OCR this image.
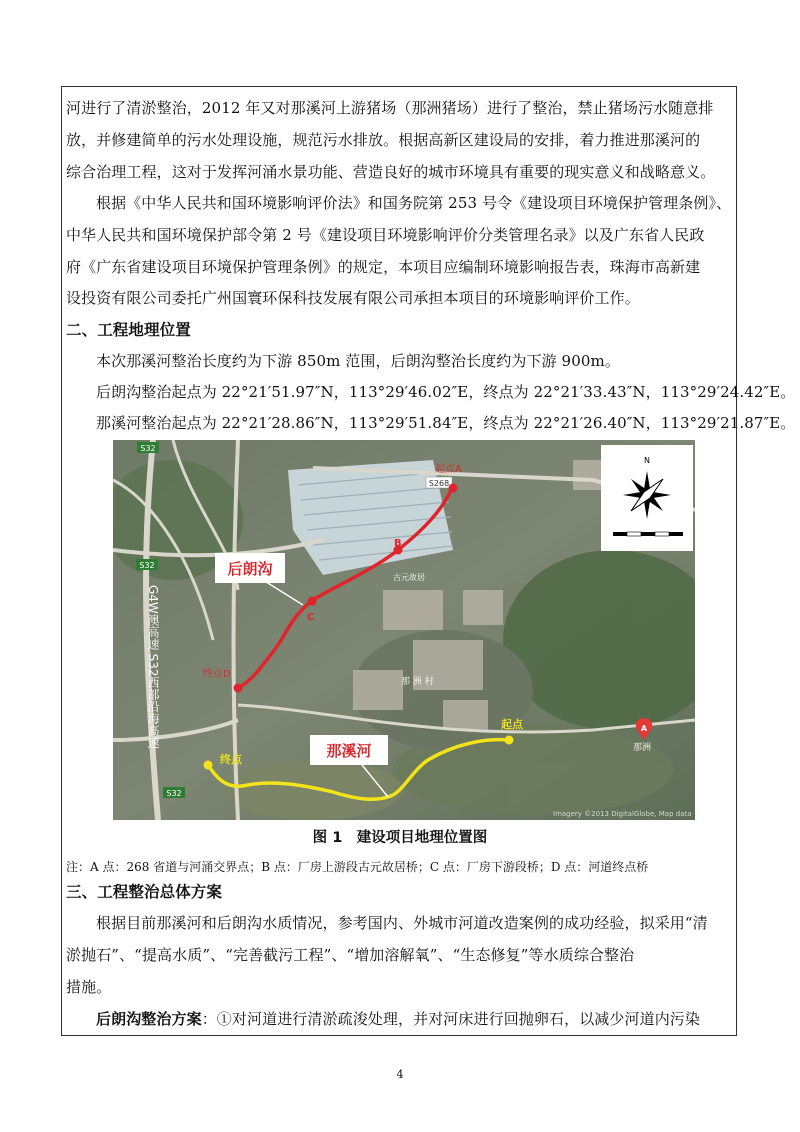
河进行了清淤整治，2012 年又对那溪河上游猪场（那洲猪场）进行了整治，禁止猪场污水随意排
放，并修建简单的污水处理设施，规范污水排放。根据高新区建设局的安排，着力推进那溪河的
综合治理工程，这对于发挥河涌水景功能、营造良好的城市环境具有重要的现实意义和战略意义。
根据《中华人民共和国环境影响评价法》和国务院第 253 号令《建设项目环境保护管理条例》、
中华人民共和国环境保护部令第 2 号《建设项目环境影响评价分类管理名录》以及广东省人民政
府《广东省建设项目环境保护管理条例》的规定，本项目应编制环境影响报告表，珠海市高新建
设投资有限公司委托广州国寰环保科技发展有限公司承担本项目的环境影响评价工作。
二、工程地理位置
本次那溪河整治长度约为下游 850m 范围，后朗沟整治长度约为下游 900m。
后朗沟整治起点为 22°21′51.97″N，113°29′46.02″E，终点为 22°21′33.43″N，113°29′24.42″E。
那溪河整治起点为 22°21′28.86″N，113°29′51.84″E，终点为 22°21′26.40″N，113°29′21.87″E。
S32
S32
S32
S268
G4W澳高速 S32西部沿海高速	那 洲 村
古元故居
起点A
B
C
终点D
后朗沟
起点
终点	那溪河
A
那洲
N
Imagery ©2013 DigitalGlobe, Map data
图 1　建设项目地理位置图
注：A 点：268 省道与河涌交界点；B 点：厂房上游段古元故居桥；C 点：厂房下游段桥；D 点：河道终点桥
三、工程整治总体方案
根据目前那溪河和后朗沟水质情况，参考国内、外城市河道改造案例的成功经验，拟采用“清
淤抛石”、“提高水质”、“完善截污工程”、“增加溶解氧”、“生态修复”等水质综合整治
措施。
后朗沟整治方案：①对河道进行清淤疏浚处理，并对河床进行回抛卵石，以减少河道内污染
4
